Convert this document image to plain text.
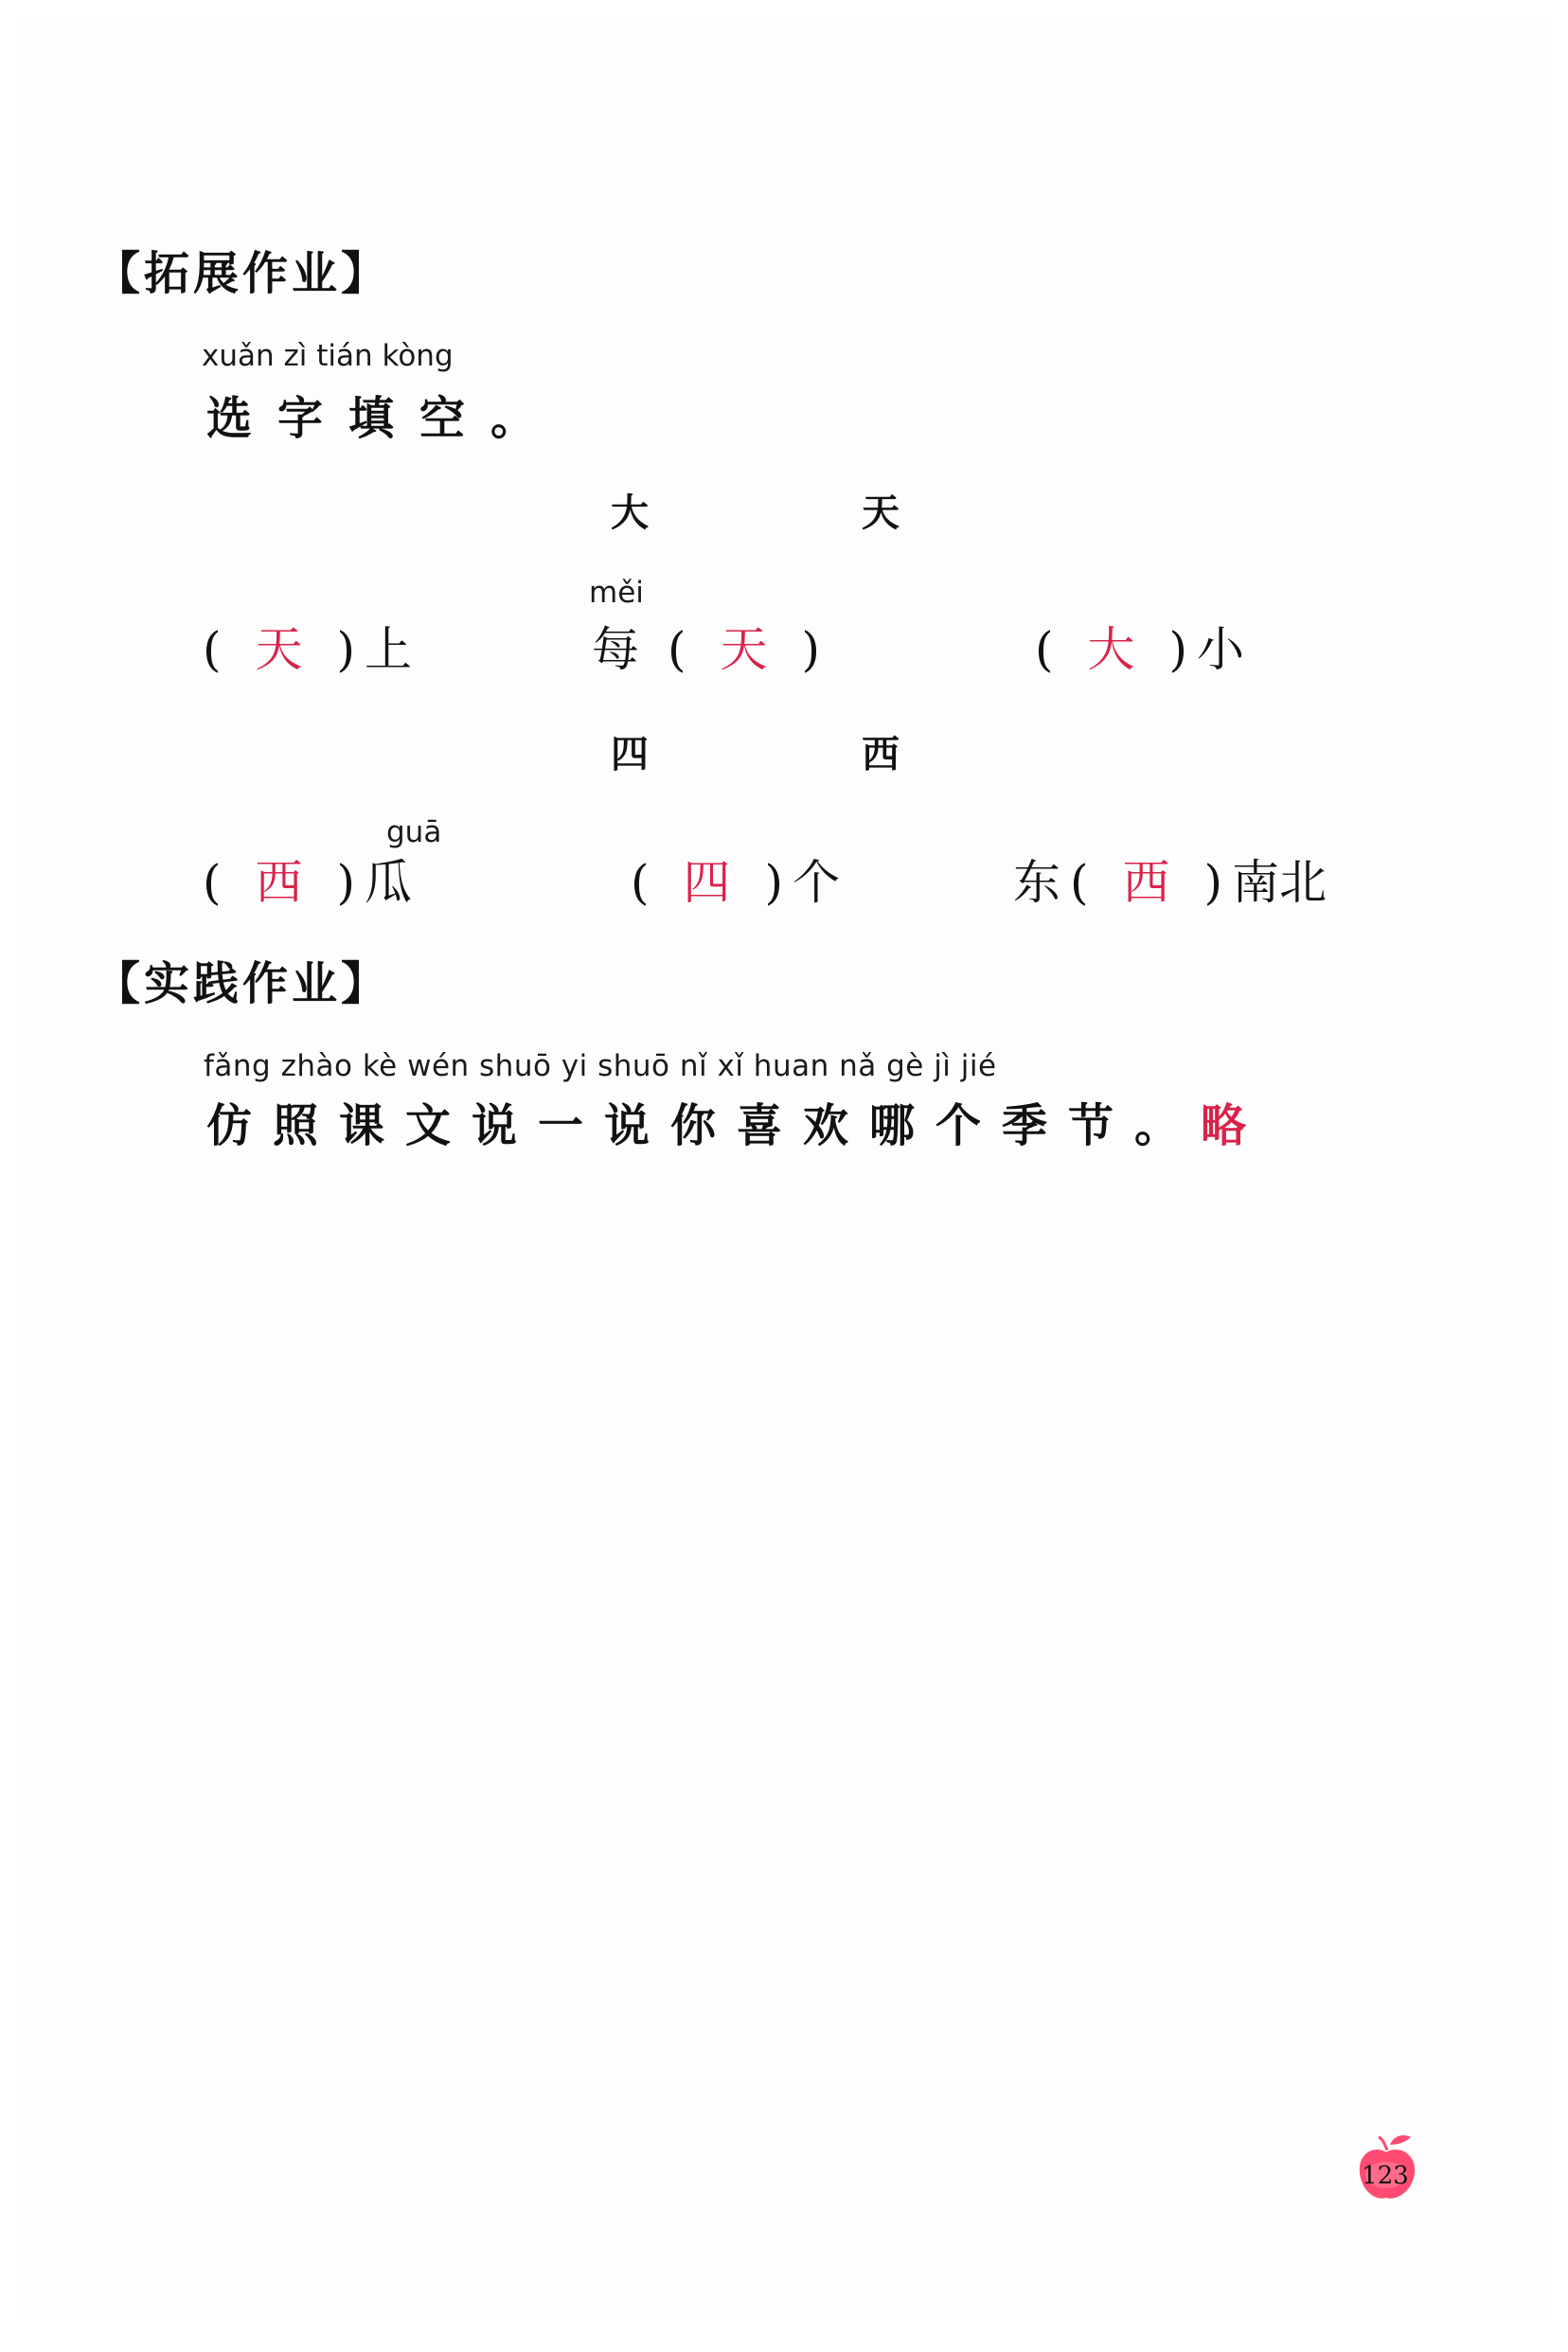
【拓展作业】
xuǎn zì tián kòng
选字填空。
大	天
měi
( 天 ) 上	每 ( 天 )	( 大 ) 小
四	西
guā
( 西 ) 瓜	( 四 ) 个	东 ( 西 ) 南北
【实践作业】
fǎng zhào kè wén shuō yi shuō nǐ xǐ huan nǎ gè jì jié
仿照课文说一说你喜欢哪个季节。略
123
